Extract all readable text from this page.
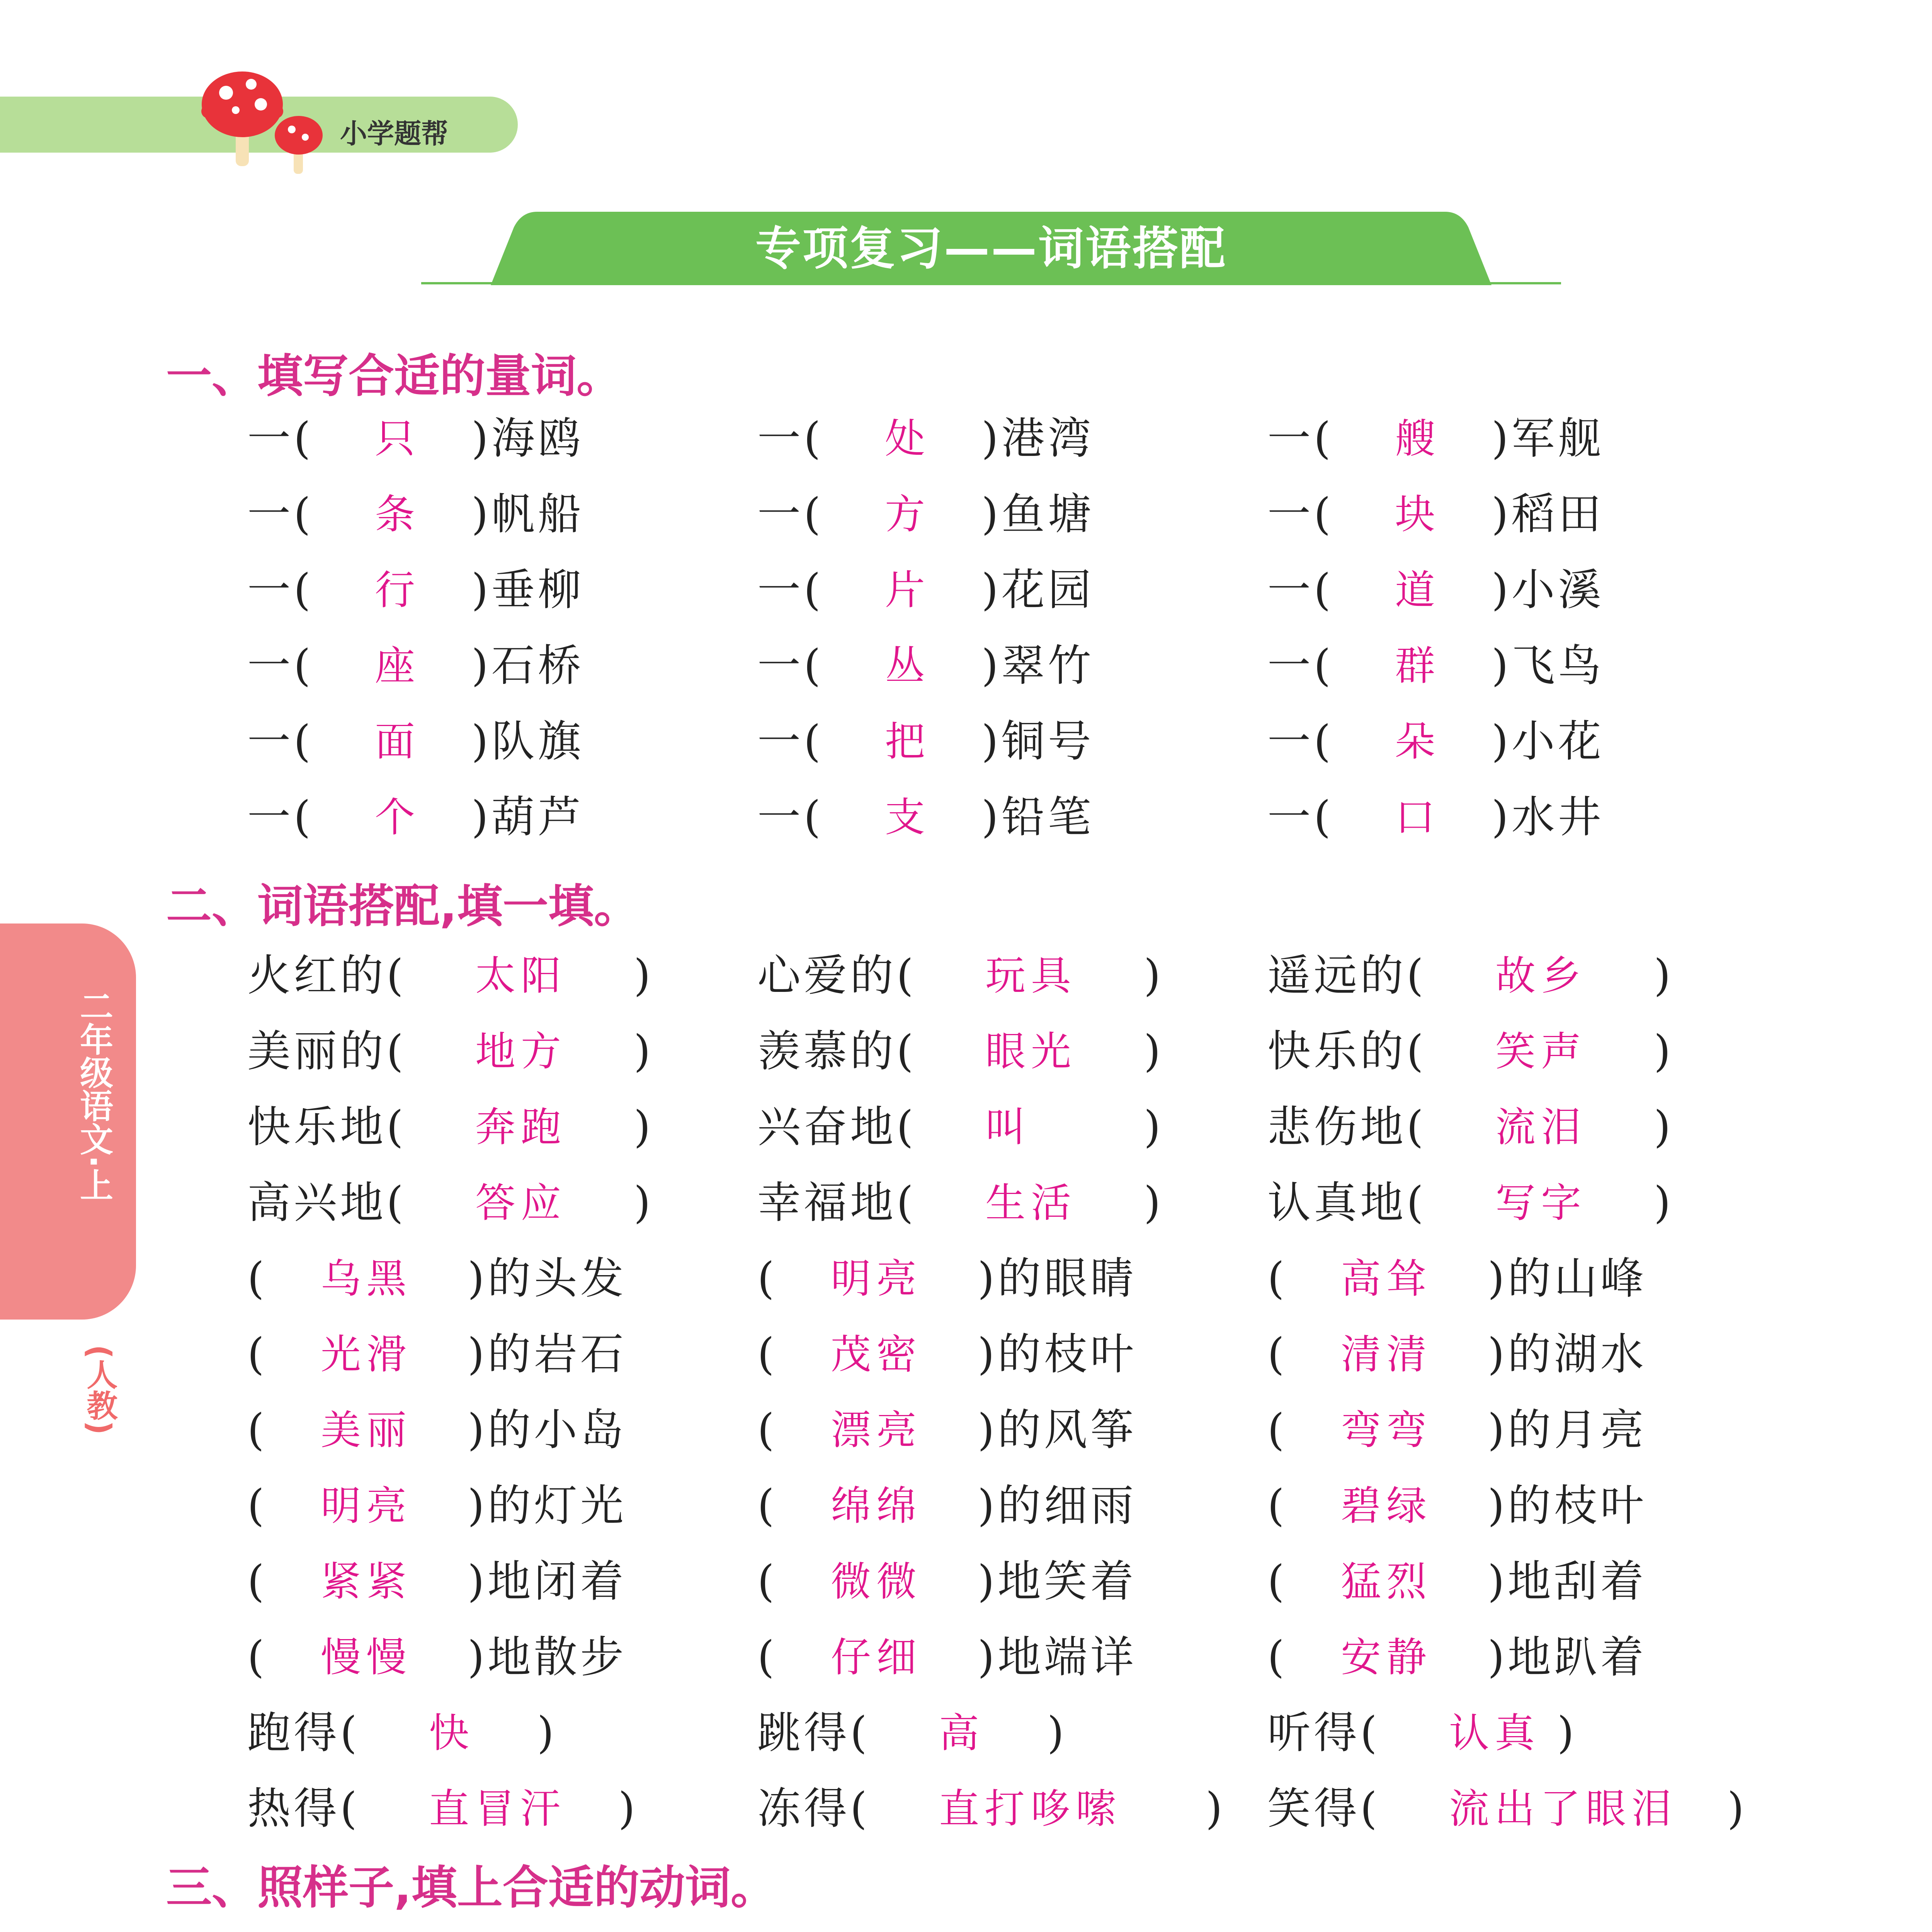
小学题帮
专项复习——词语搭配
二年级语文·上
(人教)
一、填写合适的量词。
一( 只 )海鸥	一( 处 )港湾	一( 艘 )军舰
一( 条 )帆船	一( 方 )鱼塘	一( 块 )稻田
一( 行 )垂柳	一( 片 )花园	一( 道 )小溪
一( 座 )石桥	一( 丛 )翠竹	一( 群 )飞鸟
一( 面 )队旗	一( 把 )铜号	一( 朵 )小花
一( 个 )葫芦	一( 支 )铅笔	一( 口 )水井
二、词语搭配,填一填。
火红的( 太阳 ) 心爱的( 玩具 ) 遥远的( 故乡 )
美丽的( 地方 ) 羡慕的( 眼光 ) 快乐的( 笑声 )
快乐地( 奔跑 ) 兴奋地( 叫	) 悲伤地( 流泪 )
高兴地( 答应 ) 幸福地( 生活 ) 认真地( 写字 )
( 乌黑 )的头发	( 明亮 )的眼睛	( 高耸 )的山峰
( 光滑 )的岩石	( 茂密 )的枝叶	( 清清 )的湖水
( 美丽 )的小岛	( 漂亮 )的风筝	( 弯弯 )的月亮
( 明亮 )的灯光	( 绵绵 )的细雨	( 碧绿 )的枝叶
( 紧紧 )地闭着	( 微微 )地笑着	( 猛烈 )地刮着
( 慢慢 )地散步	( 仔细 )地端详	( 安静 )地趴着
跑得( 快 )	跳得( 高 )	听得( 认真 )
热得( 直冒汗 )	冻得( 直打哆嗦 ) 笑得( 流出了眼泪 )
三、照样子,填上合适的动词。
